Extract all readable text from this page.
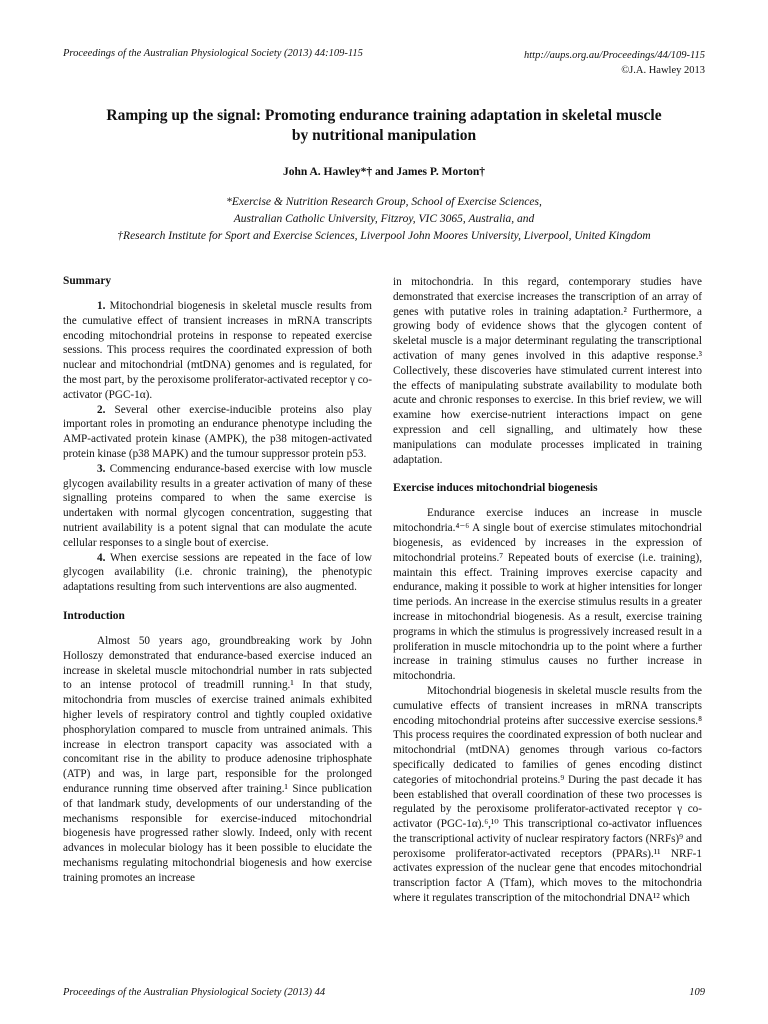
Proceedings of the Australian Physiological Society (2013) 44:109-115	http://aups.org.au/Proceedings/44/109-115
©J.A. Hawley 2013
Ramping up the signal: Promoting endurance training adaptation in skeletal muscle
by nutritional manipulation
John A. Hawley*† and James P. Morton†
*Exercise & Nutrition Research Group, School of Exercise Sciences,
Australian Catholic University, Fitzroy, VIC 3065, Australia, and
†Research Institute for Sport and Exercise Sciences, Liverpool John Moores University, Liverpool, United Kingdom
Summary

1. Mitochondrial biogenesis in skeletal muscle results from the cumulative effect of transient increases in mRNA transcripts encoding mitochondrial proteins in response to repeated exercise sessions. This process requires the coordinated expression of both nuclear and mitochondrial (mtDNA) genomes and is regulated, for the most part, by the peroxisome proliferator-activated receptor γ co-activator (PGC-1α).

2. Several other exercise-inducible proteins also play important roles in promoting an endurance phenotype including the AMP-activated protein kinase (AMPK), the p38 mitogen-activated protein kinase (p38 MAPK) and the tumour suppressor protein p53.

3. Commencing endurance-based exercise with low muscle glycogen availability results in a greater activation of many of these signalling proteins compared to when the same exercise is undertaken with normal glycogen concentration, suggesting that nutrient availability is a potent signal that can modulate the acute cellular responses to a single bout of exercise.

4. When exercise sessions are repeated in the face of low glycogen availability (i.e. chronic training), the phenotypic adaptations resulting from such interventions are also augmented.

Introduction

Almost 50 years ago, groundbreaking work by John Holloszy demonstrated that endurance-based exercise induced an increase in skeletal muscle mitochondrial number in rats subjected to an intense protocol of treadmill running.¹ In that study, mitochondria from muscles of exercise trained animals exhibited higher levels of respiratory control and tightly coupled oxidative phosphorylation compared to muscle from untrained animals. This increase in electron transport capacity was associated with a concomitant rise in the ability to produce adenosine triphosphate (ATP) and was, in large part, responsible for the prolonged endurance running time observed after training.¹ Since publication of that landmark study, developments of our understanding of the mechanisms responsible for exercise-induced mitochondrial biogenesis have progressed rather slowly. Indeed, only with recent advances in molecular biology has it been possible to elucidate the mechanisms regulating mitochondrial biogenesis and how exercise training promotes an increase

in mitochondria. In this regard, contemporary studies have demonstrated that exercise increases the transcription of an array of genes with putative roles in training adaptation.² Furthermore, a growing body of evidence shows that the glycogen content of skeletal muscle is a major determinant regulating the transcriptional activation of many genes involved in this adaptive response.³ Collectively, these discoveries have stimulated current interest into the effects of manipulating substrate availability to modulate both acute and chronic responses to exercise. In this brief review, we will examine how exercise-nutrient interactions impact on gene expression and cell signalling, and ultimately how these manipulations can modulate processes implicated in training adaptation.

Exercise induces mitochondrial biogenesis

Endurance exercise induces an increase in muscle mitochondria.⁴⁻⁶ A single bout of exercise stimulates mitochondrial biogenesis, as evidenced by increases in the expression of mitochondrial proteins.⁷ Repeated bouts of exercise (i.e. training), maintain this effect. Training improves exercise capacity and endurance, making it possible to work at higher intensities for longer time periods. An increase in the exercise stimulus results in a greater increase in mitochondrial biogenesis. As a result, exercise training programs in which the stimulus is progressively increased result in a proliferation in muscle mitochondria up to the point where a further increase in training stimulus causes no further increase in mitochondria.

Mitochondrial biogenesis in skeletal muscle results from the cumulative effects of transient increases in mRNA transcripts encoding mitochondrial proteins after successive exercise sessions.⁸ This process requires the coordinated expression of both nuclear and mitochondrial (mtDNA) genomes through various co-factors specifically dedicated to families of genes encoding distinct categories of mitochondrial proteins.⁹ During the past decade it has been established that overall coordination of these two processes is regulated by the peroxisome proliferator-activated receptor γ co-activator (PGC-1α).⁶,¹⁰ This transcriptional co-activator influences the transcriptional activity of nuclear respiratory factors (NRFs)⁹ and peroxisome proliferator-activated receptors (PPARs).¹¹ NRF-1 activates expression of the nuclear gene that encodes mitochondrial transcription factor A (Tfam), which moves to the mitochondria where it regulates transcription of the mitochondrial DNA¹² which

Proceedings of the Australian Physiological Society (2013) 44	109
